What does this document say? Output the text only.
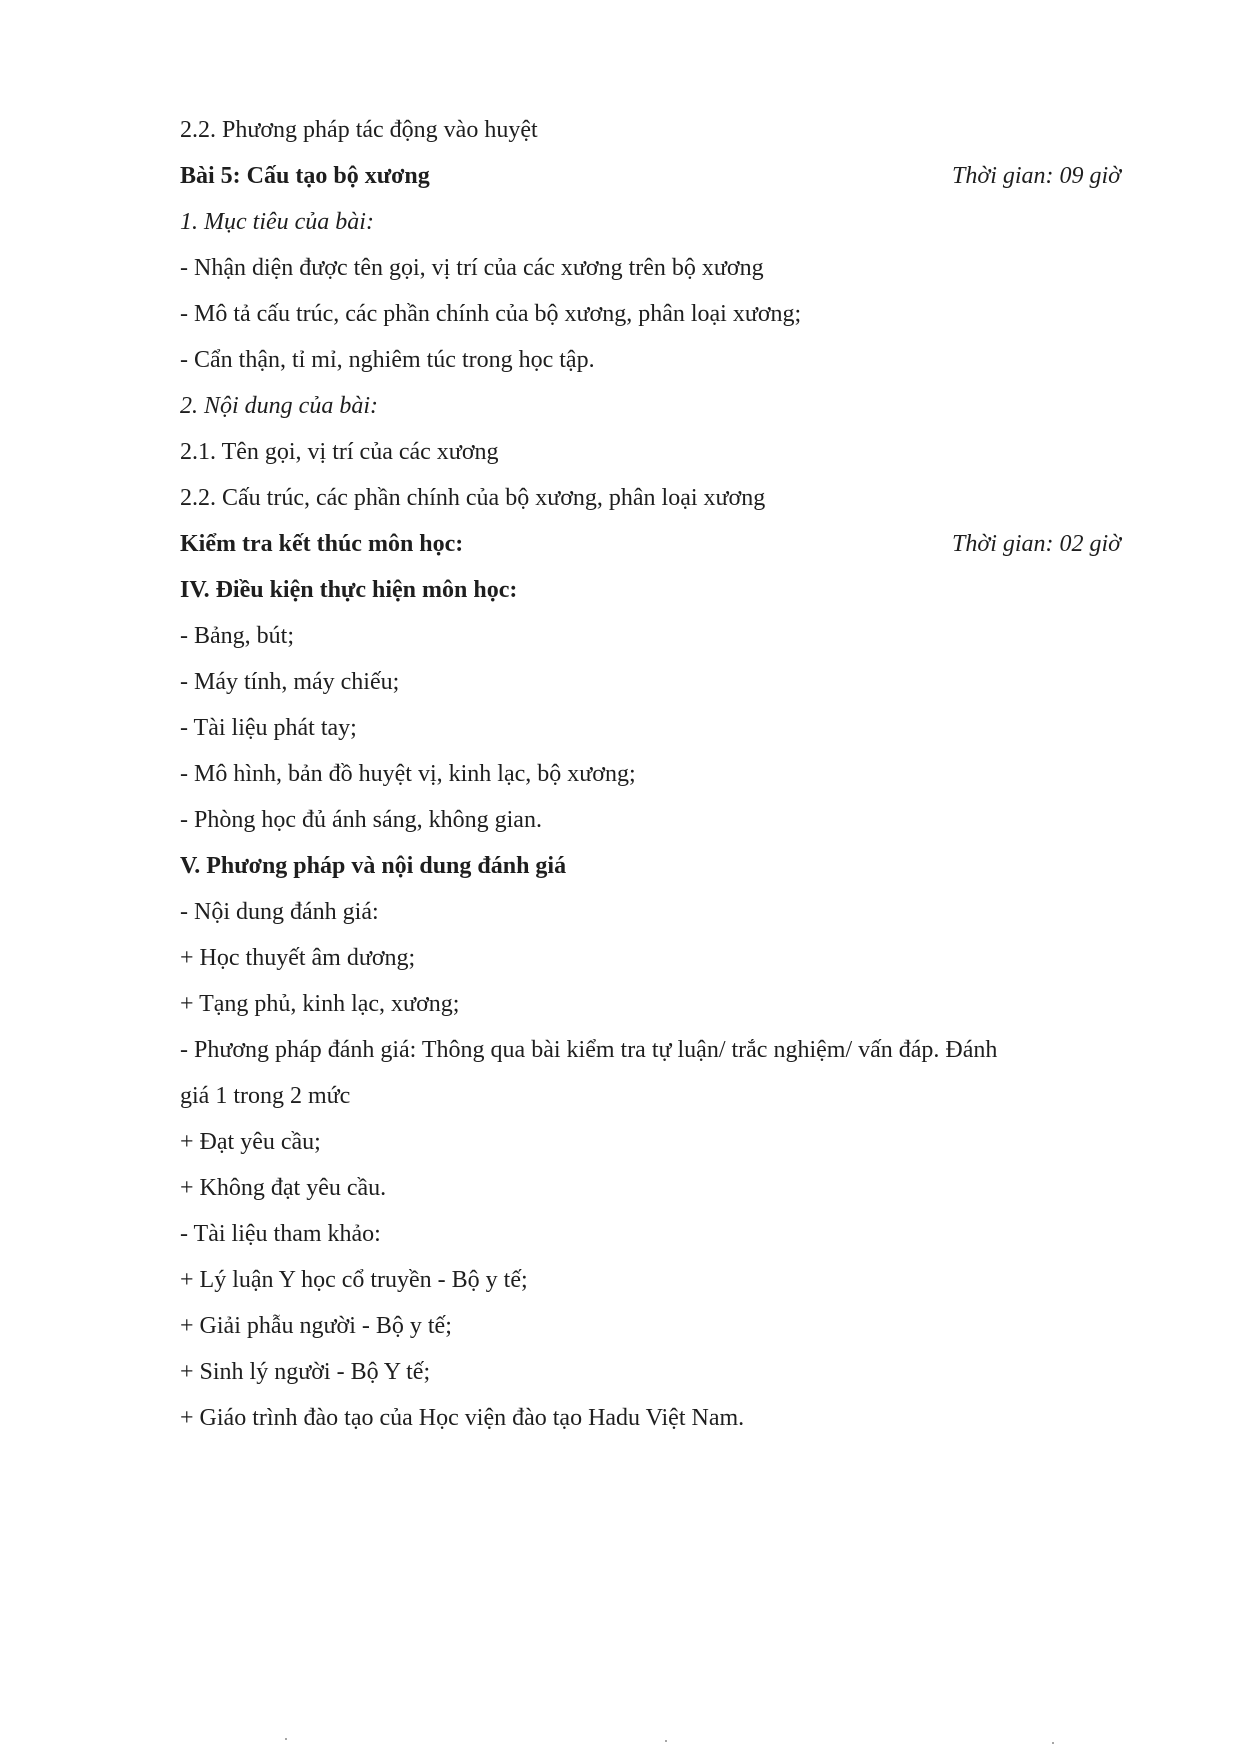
2.2. Phương pháp tác động vào huyệt
Bài 5: Cấu tạo bộ xương	Thời gian: 09 giờ
1. Mục tiêu của bài:
- Nhận diện được tên gọi, vị trí của các xương trên bộ xương
- Mô tả cấu trúc, các phần chính của bộ xương, phân loại xương;
- Cẩn thận, tỉ mỉ, nghiêm túc trong học tập.
2. Nội dung của bài:
2.1. Tên gọi, vị trí của các xương
2.2. Cấu trúc, các phần chính của bộ xương, phân loại xương
Kiểm tra kết thúc môn học:	Thời gian: 02 giờ
IV. Điều kiện thực hiện môn học:
- Bảng, bút;
- Máy tính, máy chiếu;
- Tài liệu phát tay;
- Mô hình, bản đồ huyệt vị, kinh lạc, bộ xương;
- Phòng học đủ ánh sáng, không gian.
V. Phương pháp và nội dung đánh giá
- Nội dung đánh giá:
+ Học thuyết âm dương;
+ Tạng phủ, kinh lạc, xương;
- Phương pháp đánh giá: Thông qua bài kiểm tra tự luận/ trắc nghiệm/ vấn đáp. Đánh
giá 1 trong 2 mức
+ Đạt yêu cầu;
+ Không đạt yêu cầu.
- Tài liệu tham khảo:
+ Lý luận Y học cổ truyền - Bộ y tế;
+ Giải phẫu người - Bộ y tế;
+ Sinh lý người - Bộ Y tế;
+ Giáo trình đào tạo của Học viện đào tạo Hadu Việt Nam.
